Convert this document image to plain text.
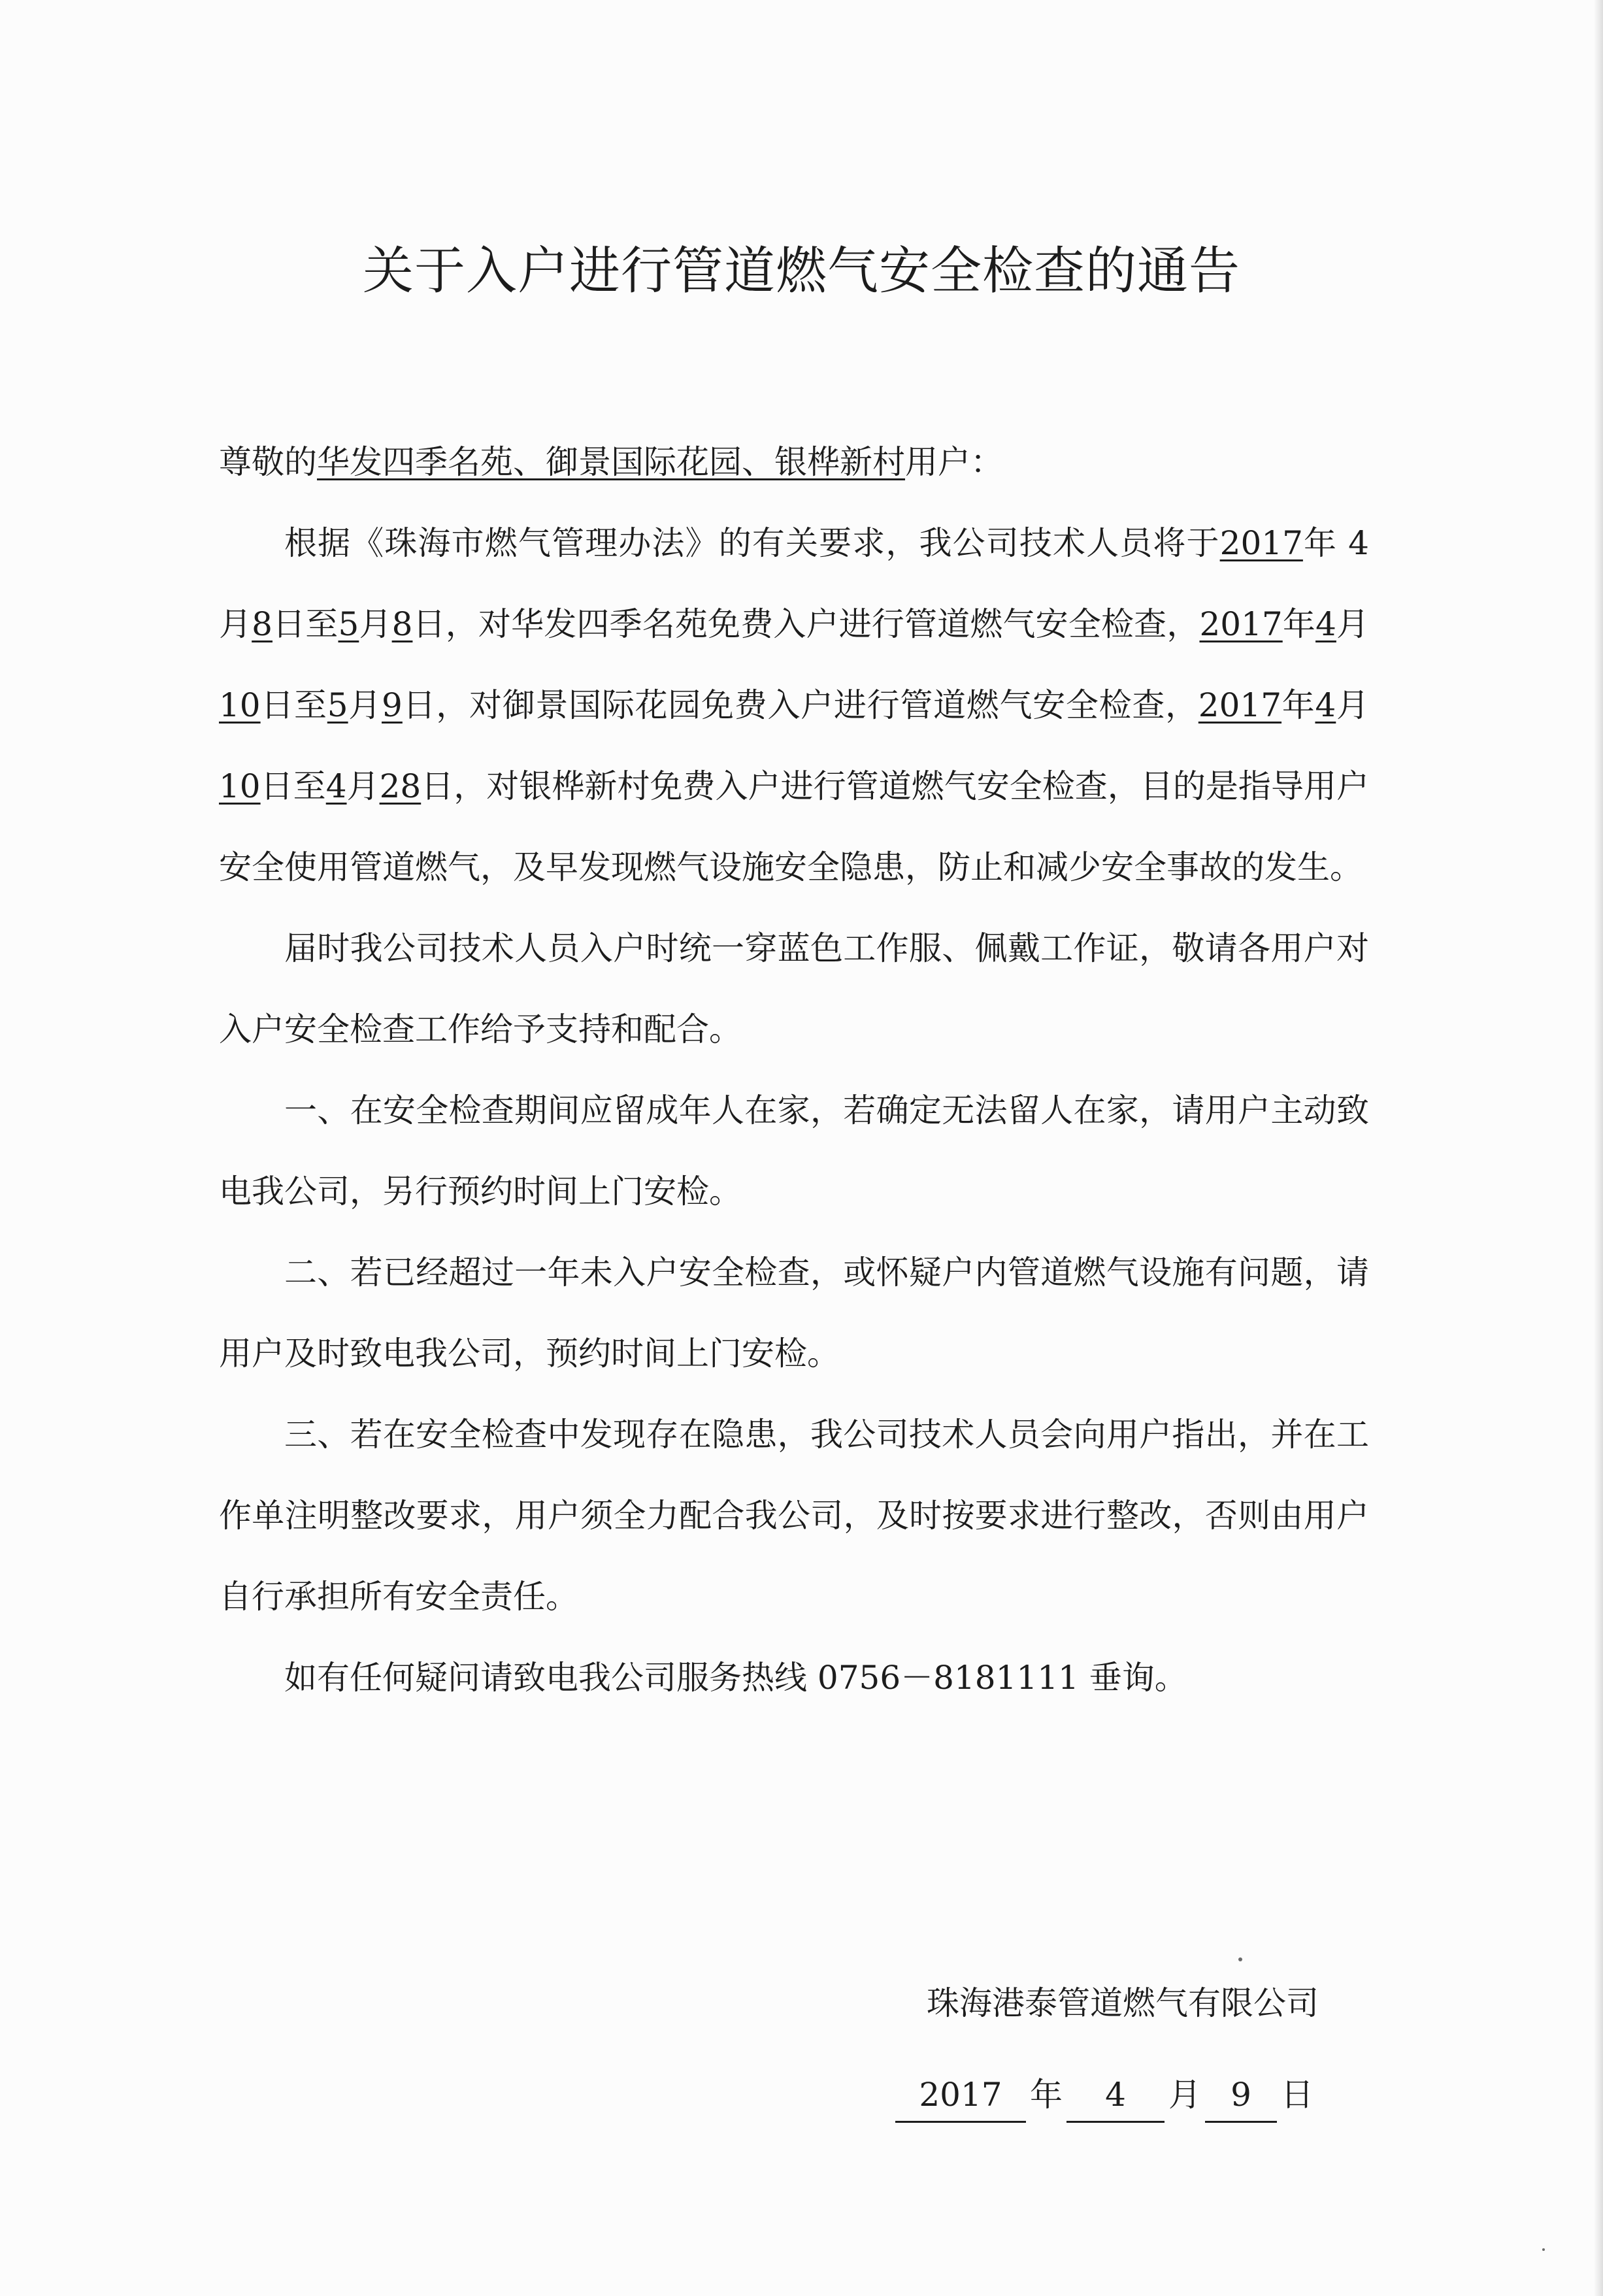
关于入户进行管道燃气安全检查的通告

尊敬的华发四季名苑、御景国际花园、银桦新村用户：

根据《珠海市燃气管理办法》的有关要求，我公司技术人员将于2017年 4 月8日至5月8日，对华发四季名苑免费入户进行管道燃气安全检查，2017年4月10日至5月9日，对御景国际花园免费入户进行管道燃气安全检查，2017年4月10日至4月28日，对银桦新村免费入户进行管道燃气安全检查，目的是指导用户安全使用管道燃气，及早发现燃气设施安全隐患，防止和减少安全事故的发生。

届时我公司技术人员入户时统一穿蓝色工作服、佩戴工作证，敬请各用户对入户安全检查工作给予支持和配合。

一、在安全检查期间应留成年人在家，若确定无法留人在家，请用户主动致电我公司，另行预约时间上门安检。

二、若已经超过一年未入户安全检查，或怀疑户内管道燃气设施有问题，请用户及时致电我公司，预约时间上门安检。

三、若在安全检查中发现存在隐患，我公司技术人员会向用户指出，并在工作单注明整改要求，用户须全力配合我公司，及时按要求进行整改，否则由用户自行承担所有安全责任。

如有任何疑问请致电我公司服务热线 0756－8181111 垂询。

珠海港泰管道燃气有限公司
2017 年 4 月 9 日
